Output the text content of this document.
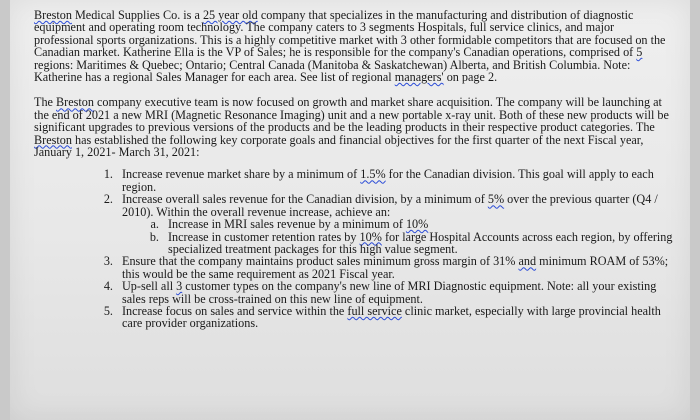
Breston Medical Supplies Co. is a 25 year old company that specializes in the manufacturing and distribution of diagnostic equipment and operating room technology. The company caters to 3 segments Hospitals, full service clinics, and major professional sports organizations. This is a highly competitive market with 3 other formidable competitors that are focused on the Canadian market. Katherine Ella is the VP of Sales; he is responsible for the company's Canadian operations, comprised of 5 regions: Maritimes & Quebec; Ontario; Central Canada (Manitoba & Saskatchewan) Alberta, and British Columbia. Note: Katherine has a regional Sales Manager for each area. See list of regional managers' on page 2.

The Breston company executive team is now focused on growth and market share acquisition. The company will be launching at the end of 2021 a new MRI (Magnetic Resonance Imaging) unit and a new portable x-ray unit. Both of these new products will be significant upgrades to previous versions of the products and be the leading products in their respective product categories. The Breston has established the following key corporate goals and financial objectives for the first quarter of the next Fiscal year, January 1, 2021- March 31, 2021:

1. Increase revenue market share by a minimum of 1.5% for the Canadian division. This goal will apply to each region.
2. Increase overall sales revenue for the Canadian division, by a minimum of 5% over the previous quarter (Q4 / 2010). Within the overall revenue increase, achieve an:
a. Increase in MRI sales revenue by a minimum of 10%
b. Increase in customer retention rates by 10% for large Hospital Accounts across each region, by offering specialized treatment packages for this high value segment.
3. Ensure that the company maintains product sales minimum gross margin of 31% and minimum ROAM of 53%; this would be the same requirement as 2021 Fiscal year.
4. Up-sell all 3 customer types on the company's new line of MRI Diagnostic equipment. Note: all your existing sales reps will be cross-trained on this new line of equipment.
5. Increase focus on sales and service within the full service clinic market, especially with large provincial health care provider organizations.
